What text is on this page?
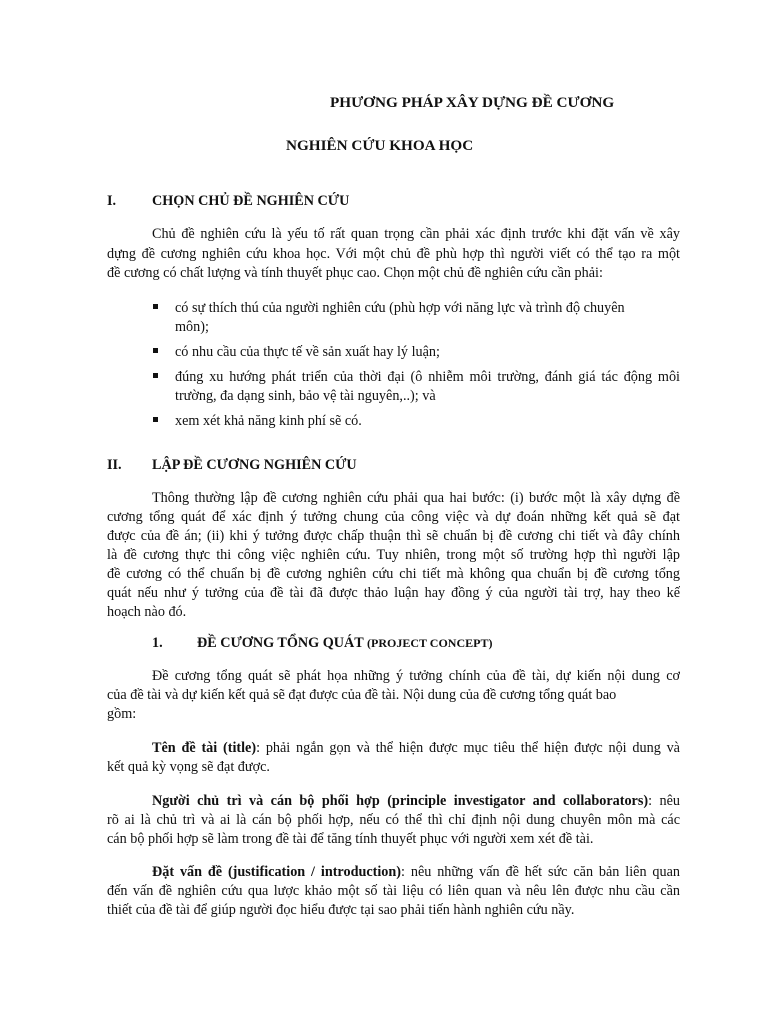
PHƯƠNG PHÁP XÂY DỰNG ĐỀ CƯƠNG
NGHIÊN CỨU KHOA HỌC
I.	CHỌN CHỦ ĐỀ NGHIÊN CỨU
Chủ đề nghiên cứu là yếu tố rất quan trọng cần phải xác định trước khi đặt vấn về xây
dựng đề cương nghiên cứu khoa học. Với một chủ đề phù hợp thì người viết có thể tạo ra một
đề cương có chất lượng và tính thuyết phục cao. Chọn một chủ đề nghiên cứu cần phải:
có sự thích thú của người nghiên cứu (phù hợp với năng lực và trình độ chuyên
môn);
có nhu cầu của thực tế về sản xuất hay lý luận;
đúng xu hướng phát triển của thời đại (ô nhiễm môi trường, đánh giá tác động môi
trường, đa dạng sinh, bảo vệ tài nguyên,..); và
xem xét khả năng kinh phí sẽ có.
II. LẬP ĐỀ CƯƠNG NGHIÊN CỨU
Thông thường lập đề cương nghiên cứu phải qua hai bước: (i) bước một là xây dựng đề
cương tổng quát để xác định ý tưởng chung của công việc và dự đoán những kết quả sẽ đạt
được của đề án; (ii) khi ý tưởng được chấp thuận thì sẽ chuẩn bị đề cương chi tiết và đây chính
là đề cương thực thi công việc nghiên cứu. Tuy nhiên, trong một số trường hợp thì người lập
đề cương có thể chuẩn bị đề cương nghiên cứu chi tiết mà không qua chuẩn bị đề cương tổng
quát nếu như ý tưởng của đề tài đã được thảo luận hay đồng ý của người tài trợ, hay theo kế
hoạch nào đó.
1. ĐỀ CƯƠNG TỔNG QUÁT (PROJECT CONCEPT)
Đề cương tổng quát sẽ phát họa những ý tưởng chính của đề tài, dự kiến nội dung cơ
của đề tài và dự kiến kết quả sẽ đạt được của đề tài. Nội dung của đề cương tổng quát bao
gồm:
Tên đề tài (title): phải ngắn gọn và thể hiện được mục tiêu thể hiện được nội dung và
kết quả kỳ vọng sẽ đạt được.
Người chủ trì và cán bộ phối hợp (principle investigator and collaborators): nêu
rõ ai là chủ trì và ai là cán bộ phối hợp, nếu có thể thì chỉ định nội dung chuyên môn mà các
cán bộ phối hợp sẽ làm trong đề tài để tăng tính thuyết phục với người xem xét đề tài.
Đặt vấn đề (justification / introduction): nêu những vấn đề hết sức căn bản liên quan
đến vấn đề nghiên cứu qua lược khảo một số tài liệu có liên quan và nêu lên được nhu cầu cần
thiết của đề tài để giúp người đọc hiểu được tại sao phải tiến hành nghiên cứu nầy.
